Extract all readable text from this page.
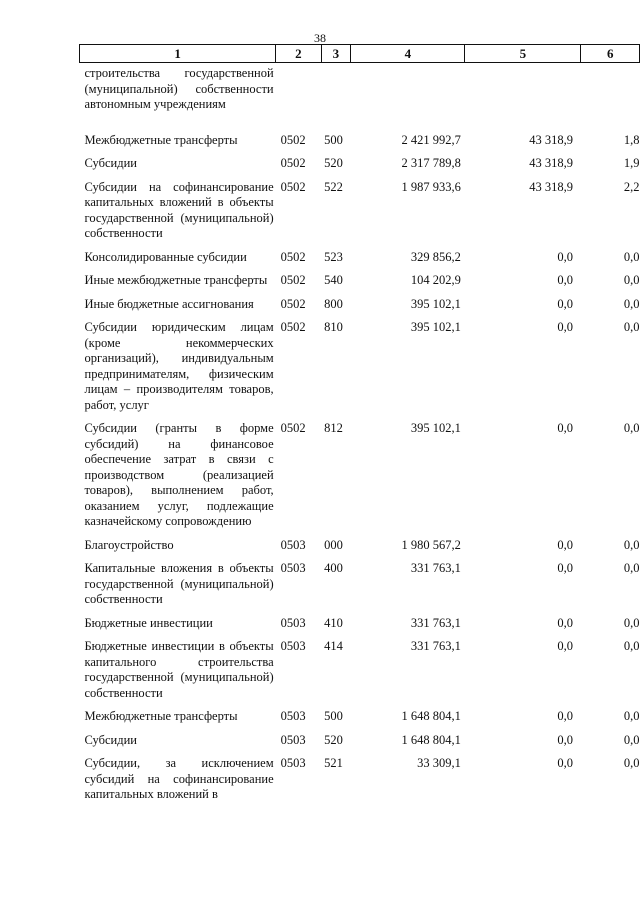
38
1	2	3	4	5	6
строительства государственной (муниципальной) собственности автономным учреждениям					
Межбюджетные трансферты	0502	500	2 421 992,7	43 318,9	1,8
Субсидии	0502	520	2 317 789,8	43 318,9	1,9
Субсидии на софинансирование капитальных вложений в объекты государственной (муниципальной) собственности	0502	522	1 987 933,6	43 318,9	2,2
Консолидированные субсидии	0502	523	329 856,2	0,0	0,0
Иные межбюджетные трансферты	0502	540	104 202,9	0,0	0,0
Иные бюджетные ассигнования	0502	800	395 102,1	0,0	0,0
Субсидии юридическим лицам (кроме некоммерческих организаций), индивидуальным предпринимателям, физическим лицам – производителям товаров, работ, услуг	0502	810	395 102,1	0,0	0,0
Субсидии (гранты в форме субсидий) на финансовое обеспечение затрат в связи с производством (реализацией товаров), выполнением работ, оказанием услуг, подлежащие казначейскому сопровождению	0502	812	395 102,1	0,0	0,0
Благоустройство	0503	000	1 980 567,2	0,0	0,0
Капитальные вложения в объекты государственной (муниципальной) собственности	0503	400	331 763,1	0,0	0,0
Бюджетные инвестиции	0503	410	331 763,1	0,0	0,0
Бюджетные инвестиции в объекты капитального строительства государственной (муниципальной) собственности	0503	414	331 763,1	0,0	0,0
Межбюджетные трансферты	0503	500	1 648 804,1	0,0	0,0
Субсидии	0503	520	1 648 804,1	0,0	0,0
Субсидии, за исключением субсидий на софинансирование капитальных вложений в	0503	521	33 309,1	0,0	0,0
